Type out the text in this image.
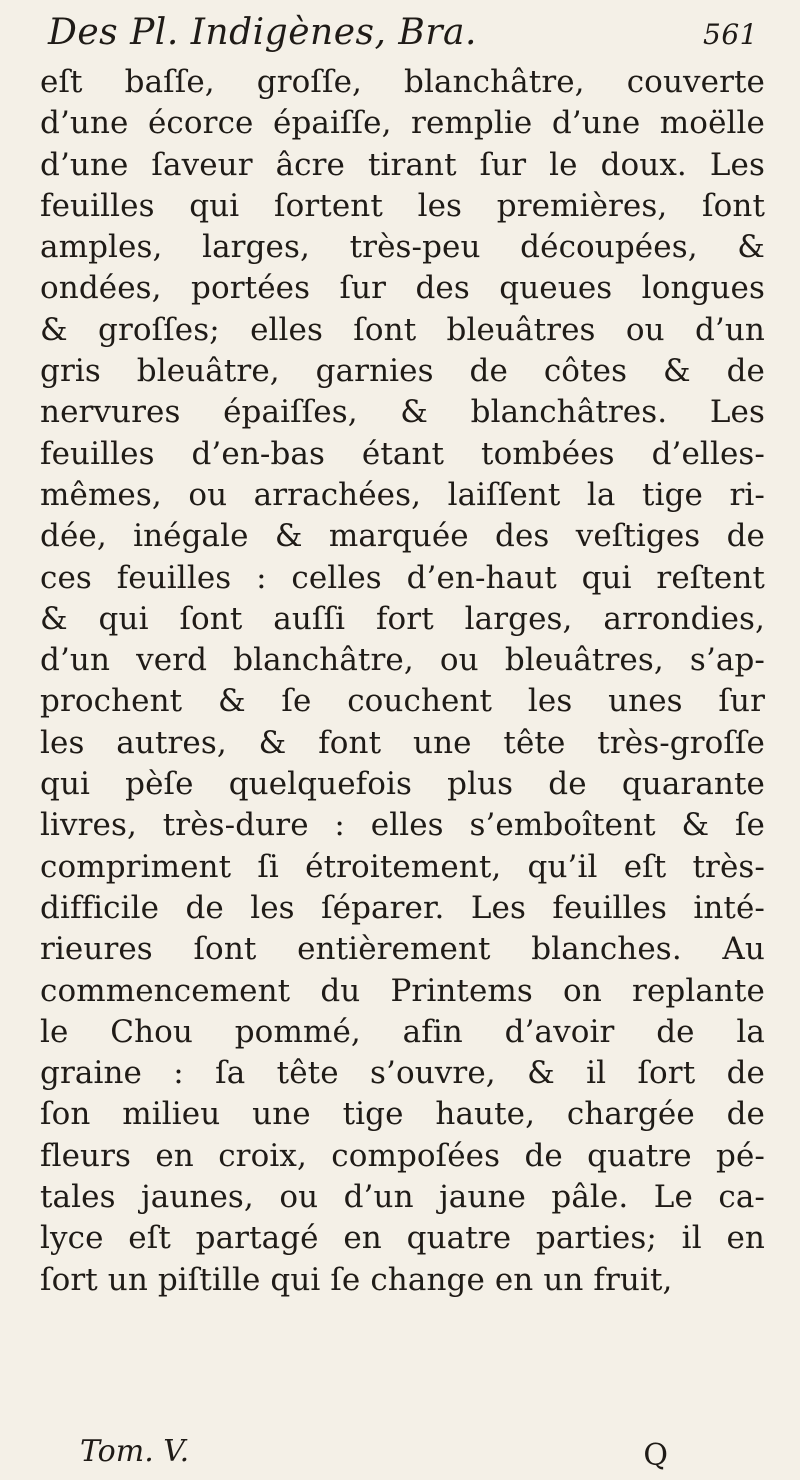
Des Pl. Indigènes, Bra.	561
eſt baſſe, groſſe, blanchâtre, couverte
d’une écorce épaiſſe, remplie d’une moëlle
d’une ſaveur âcre tirant ſur le doux. Les
feuilles qui ſortent les premières, ſont
amples, larges, très-peu découpées, &
ondées, portées ſur des queues longues
& groſſes; elles ſont bleuâtres ou d’un
gris bleuâtre, garnies de côtes & de
nervures épaiſſes, & blanchâtres. Les
feuilles d’en-bas étant tombées d’elles-
mêmes, ou arrachées, laiſſent la tige ri-
dée, inégale & marquée des veſtiges de
ces feuilles : celles d’en-haut qui reſtent
& qui ſont auſſi fort larges, arrondies,
d’un verd blanchâtre, ou bleuâtres, s’ap-
prochent & ſe couchent les unes ſur
les autres, & font une tête très-groſſe
qui pèſe quelquefois plus de quarante
livres, très-dure : elles s’emboîtent & ſe
compriment ſi étroitement, qu’il eſt très-
difficile de les ſéparer. Les feuilles inté-
rieures ſont entièrement blanches. Au
commencement du Printems on replante
le Chou pommé, afin d’avoir de la
graine : ſa tête s’ouvre, & il ſort de
ſon milieu une tige haute, chargée de
fleurs en croix, compoſées de quatre pé-
tales jaunes, ou d’un jaune pâle. Le ca-
lyce eſt partagé en quatre parties; il en
ſort un piſtille qui ſe change en un fruit,
Tom. V.	Q
